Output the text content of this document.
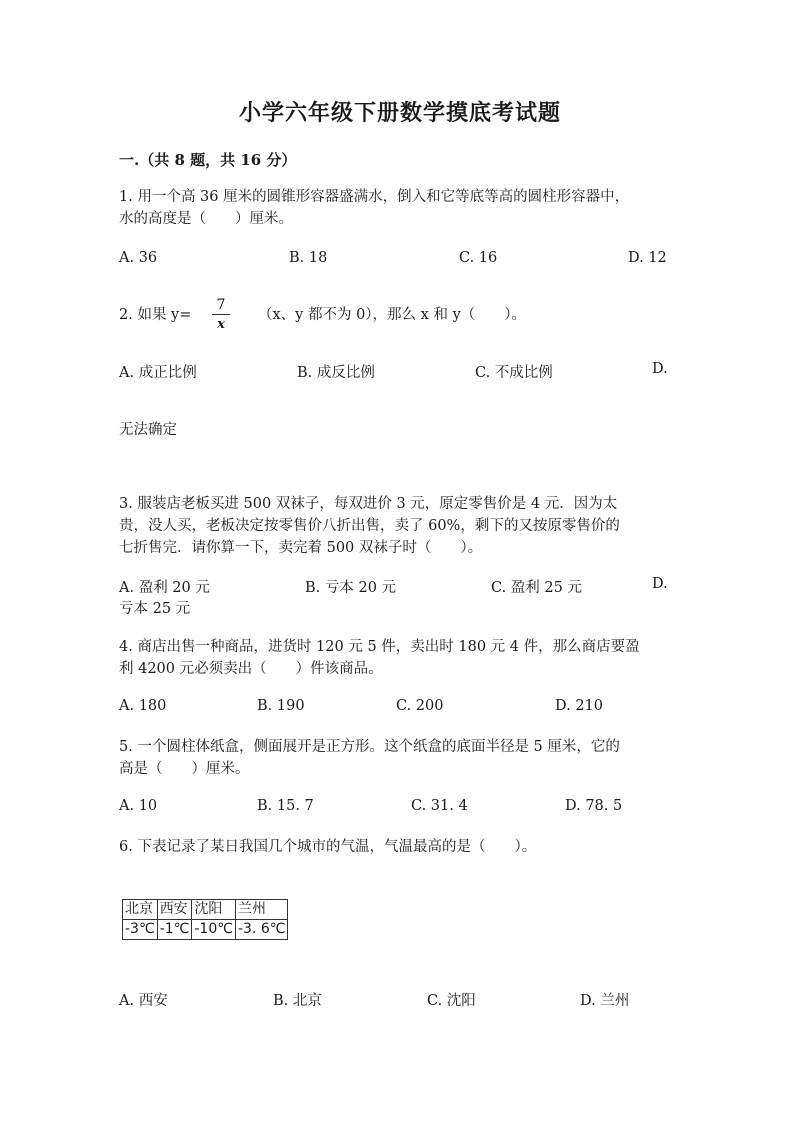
小学六年级下册数学摸底考试题
一.（共 8 题，共 16 分）
1. 用一个高 36 厘米的圆锥形容器盛满水，倒入和它等底等高的圆柱形容器中，
水的高度是（　　）厘米。
A. 36	B. 18	C. 16	D. 12
2. 如果 y=
7
x
（x、y 都不为 0），那么 x 和 y（　　）。
A. 成正比例	B. 成反比例	C. 不成比例	D.
无法确定
3. 服装店老板买进 500 双袜子，每双进价 3 元，原定零售价是 4 元．因为太
贵，没人买，老板决定按零售价八折出售，卖了 60%，剩下的又按原零售价的
七折售完．请你算一下，卖完着 500 双袜子时（　　）。
A. 盈利 20 元	B. 亏本 20 元	C. 盈利 25 元	D.
亏本 25 元
4. 商店出售一种商品，进货时 120 元 5 件，卖出时 180 元 4 件，那么商店要盈
利 4200 元必须卖出（　　）件该商品。
A. 180	B. 190	C. 200	D. 210
5. 一个圆柱体纸盒，侧面展开是正方形。这个纸盒的底面半径是 5 厘米，它的
高是（　　）厘米。
A. 10	B. 15. 7	C. 31. 4	D. 78. 5
6. 下表记录了某日我国几个城市的气温，气温最高的是（　　）。
北京	西安	沈阳	兰州
-3℃	-1℃	-10℃	-3. 6℃
A. 西安	B. 北京	C. 沈阳	D. 兰州
